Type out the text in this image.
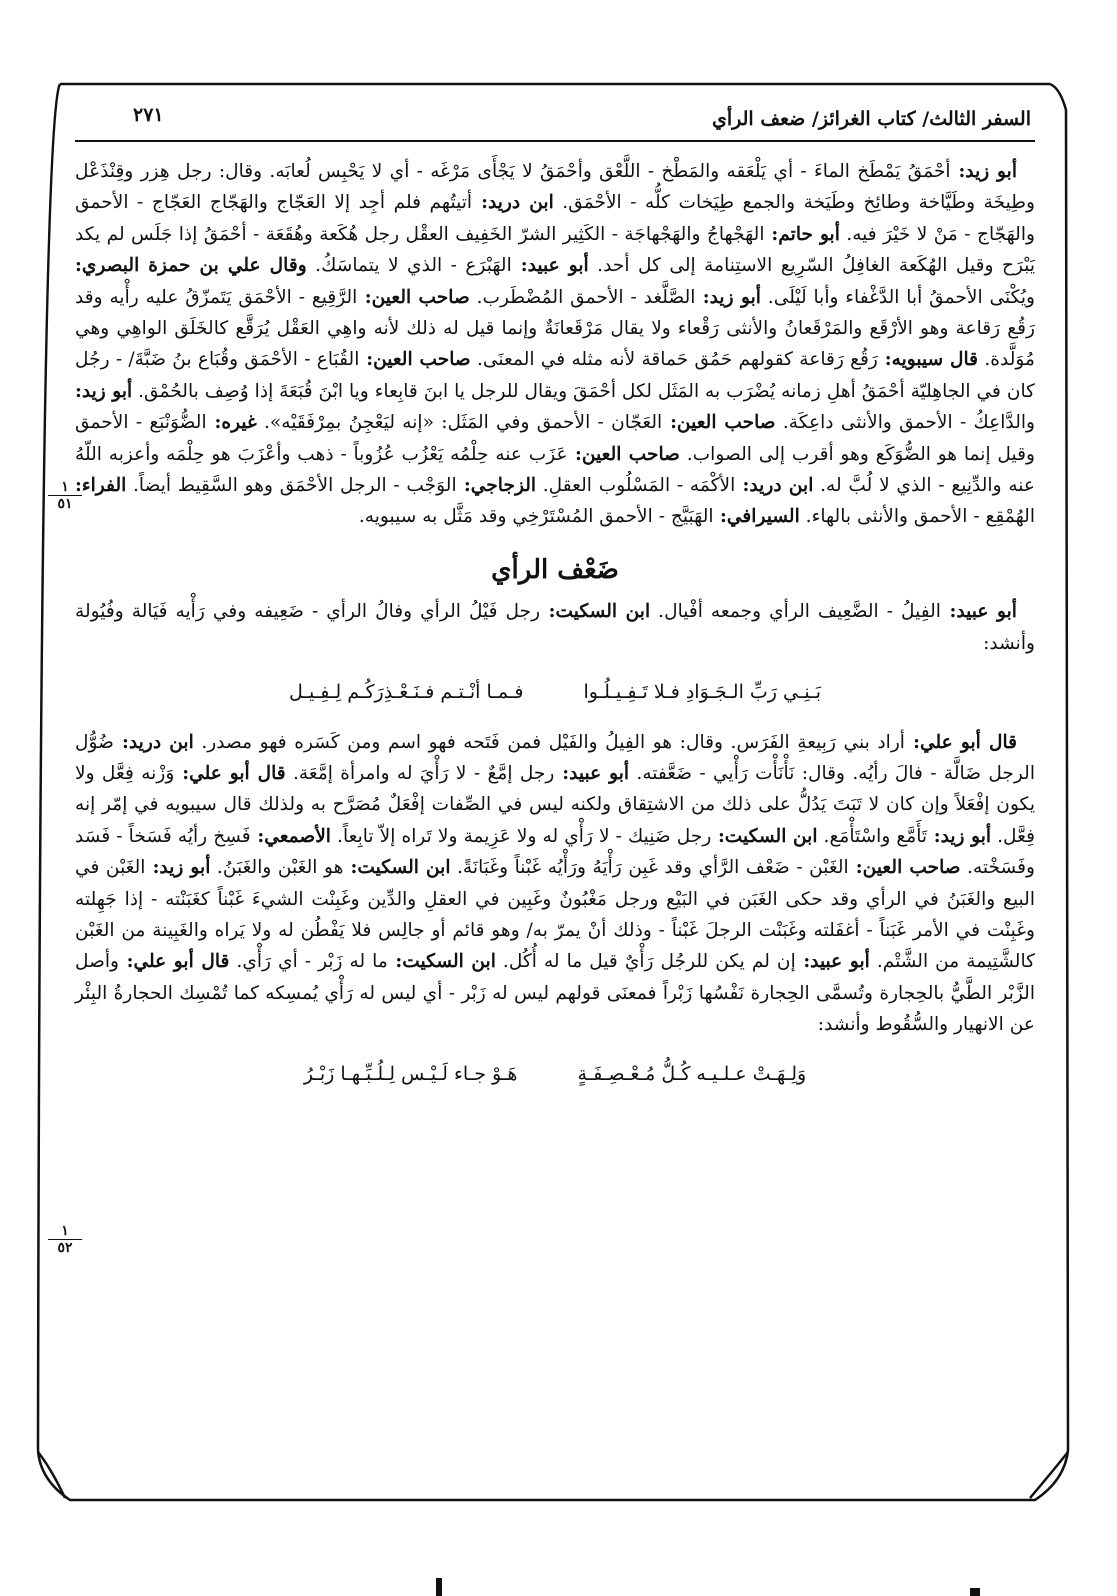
السفر الثالث/ كتاب الغرائز/ ضعف الرأي
٢٧١

أبو زيد: أحْمَقُ يَمْطَخ الماءَ - أي يَلْعَقه والمَطْخ - اللَّعْق وأحْمَقُ لا يَجْأَى مَرْغَه - أي لا يَحْبِس لُعابَه. وقال: رجل هِزر وقِنْذَعْل وطِيخَة وطَيَّاخة وطائِخ وطَيَخة والجمع طِيَخات كلُّه - الأحْمَق. ابن دريد: أتيتُهم فلم أجِد إلا العَجّاج والهَجّاج العَجّاج - الأحمق والهَجّاج - مَنْ لا خَيْرَ فيه. أبو حاتم: الهَجْهاجُ والهَجْهاجَة - الكَثِير الشرّ الخَفِيف العقْل رجل هُكَعة وهُقَعَة - أحْمَقُ إذا جَلَس لم يكد يَبْرَح وقيل الهُكَعة الغافِلُ السّرِيع الاستِنامة إلى كل أحد. أبو عبيد: الهَبْرَع - الذي لا يتماسَكُ. وقال علي بن حمزة البصري: ويُكْنَى الأحمقُ أبا الدَّغْفاء وأبا لَيْلَى. أبو زيد: الصَّلَّغد - الأحمق المُضْطَرب. صاحب العين: الرَّقِيع - الأحْمَق يَتَمزّقُ عليه رأْيه وقد رَقُع رَقاعة وهو الأرْقَع والمَرْقَعانُ والأنثى رَقْعاء ولا يقال مَرْقَعانَةٌ وإنما قيل له ذلك لأنه واهِي العَقْل يُرَقَّع كالخَلَق الواهِي وهي مُوَلَّدة. قال سيبويه: رَقُع رَقاعة كقولهم حَمُق حَماقة لأنه مثله في المعنَى. صاحب العين: القُبَاع - الأحْمَق وقُبَاع بنُ ضَبَّةَ/ - رجُل كان في الجاهِليّة أحْمَقُ أهلِ زمانه يُضْرَب به المَثَل لكل أحْمَقَ ويقال للرجل يا ابنَ قابِعاء ويا ابْنَ قُبَعَةَ إذا وُصِف بالحُمْق. أبو زيد: والدَّاعِكُ - الأحمق والأنثى داعِكَة. صاحب العين: العَجّان - الأحمق وفي المَثَل: «إنه ليَعْجِنُ بمِرْفَقَيْه». غيره: الضُّوَنْبَع - الأحمق وقيل إنما هو الضُّوَكَع وهو أقرب إلى الصواب. صاحب العين: عَزَب عنه حِلْمُه يَعْزُب عُزُوباً - ذهب وأعْزَبَ هو حِلْمَه وأعزبه اللّهُ عنه والدِّنِيع - الذي لا لُبَّ له. ابن دريد: الأكْمَه - المَسْلُوب العقلِ. الزجاجي: الوَجْب - الرجل الأحْمَق وهو السَّقِيط أيضاً. الفراء: الهُمْقِع - الأحمق والأنثى بالهاء. السيرافي: الهَبَيَّج - الأحمق المُسْتَرْخِي وقد مَثَّل به سيبويه.

ضَعْف الرأي

أبو عبيد: الفِيلُ - الضَّعِيف الرأي وجمعه أفْيال. ابن السكيت: رجل فَيْلُ الرأي وفالُ الرأي - ضَعِيفه وفي رَأْيه فَيَالة وفُيُولة وأنشد:

بَـنِـي رَبِّ الـجَـوَادِ فـلا تَـفِـيـلُـوا
فـمـا أنْـتـم فـنَـعْـذِرَكُـم لِـفِـيـل

قال أبو علي: أراد بني رَبِيعةِ الفَرَس. وقال: هو الفِيلُ والفَيْل فمن فَتَحه فهو اسم ومن كَسَره فهو مصدر. ابن دريد: ضُوُّل الرجل ضَالَّة - فالَ رأيُه. وقال: نَأْنَأْت رَأْيي - ضَعَّفته. أبو عبيد: رجل إمَّعٌ - لا رَأْيَ له وامرأة إمَّعَة. قال أبو علي: وَزْنه فِعَّل ولا يكون إفْعَلاً وإن كان لا تَبَتَ يَدُلُّ على ذلك من الاشتِقاق ولكنه ليس في الصِّفات إفْعَلٌ مُصَرَّح به ولذلك قال سيبويه في إمّر إنه فِعَّل. أبو زيد: تَأَمَّع واسْتَأْمَع. ابن السكيت: رجل ضَنِيك - لا رَأْي له ولا عَزِيمة ولا تَراه إلاّ تابِعاً. الأصمعي: فَسِخ رأيُه فَسَخاً - فَسَد وفَسَخْته. صاحب العين: الغَبْن - ضَعْف الرَّأي وقد غَبِن رَأْيَهُ ورَأْيُه غَبْناً وغَبَانَةً. ابن السكيت: هو الغَبْن والغَبَنُ. أبو زيد: الغَبْن في البيع والغَبَنُ في الرأي وقد حكى الغَبَن في البَيْع ورجل مَغْبُونٌ وغَبِين في العقلِ والدِّين وغَبِنْت الشيءَ غَبْناً كغَبَنْته - إذا جَهِلته وغَبِنْت في الأمر غَبَناً - أغفَلته وغَبَنْت الرجلَ غَبْناً - وذلك أنْ يمرّ به/ وهو قائم أو جالِس فلا يَفْطُن له ولا يَراه والغَبِينة من الغَبْن كالشَّتِيمة من الشَّتْم. أبو عبيد: إن لم يكن للرجُل رَأْيٌ قيل ما له أُكُل. ابن السكيت: ما له زَبْر - أي رَأْي. قال أبو علي: وأصل الزَّبْر الطَّيُّ بالحِجارة وتُسمَّى الحِجارة نَفْسُها زَبْراً فمعنَى قولهم ليس له زَبْر - أي ليس له رَأْي يُمسِكه كما تُمْسِك الحجارةُ البِئْر عن الانهيار والسُّقُوط وأنشد:

وَلِـهَـتْ عـلـيـه كُـلُّ مُـعْـصِـفَـةٍ
هَـوْ جـاء لَـيْـس لِـلُـبِّـهـا زَبْـرُ
١
٥١
١
٥٢
